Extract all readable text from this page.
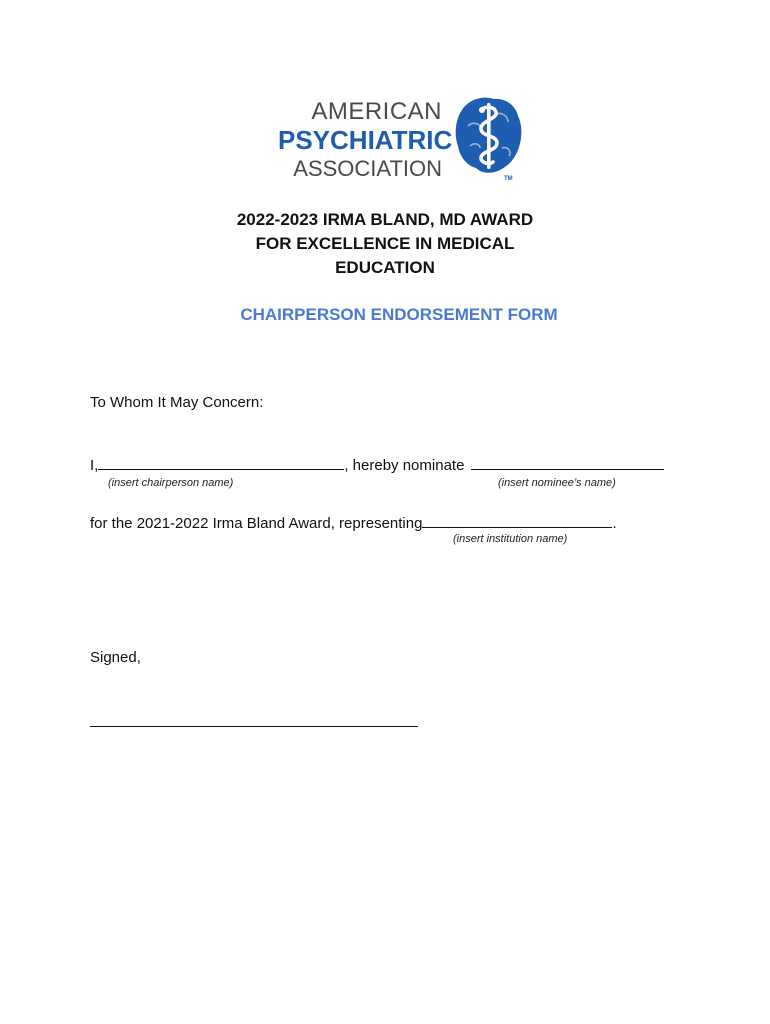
AMERICAN
PSYCHIATRIC
ASSOCIATION	TM
2022-2023 IRMA BLAND, MD AWARD
FOR EXCELLENCE IN MEDICAL
EDUCATION
CHAIRPERSON ENDORSEMENT FORM
To Whom It May Concern:
I,	, hereby nominate
(insert chairperson name)	(insert nominee’s name)
for the 2021-2022 Irma Bland Award, representing	.
(insert institution name)
Signed,
